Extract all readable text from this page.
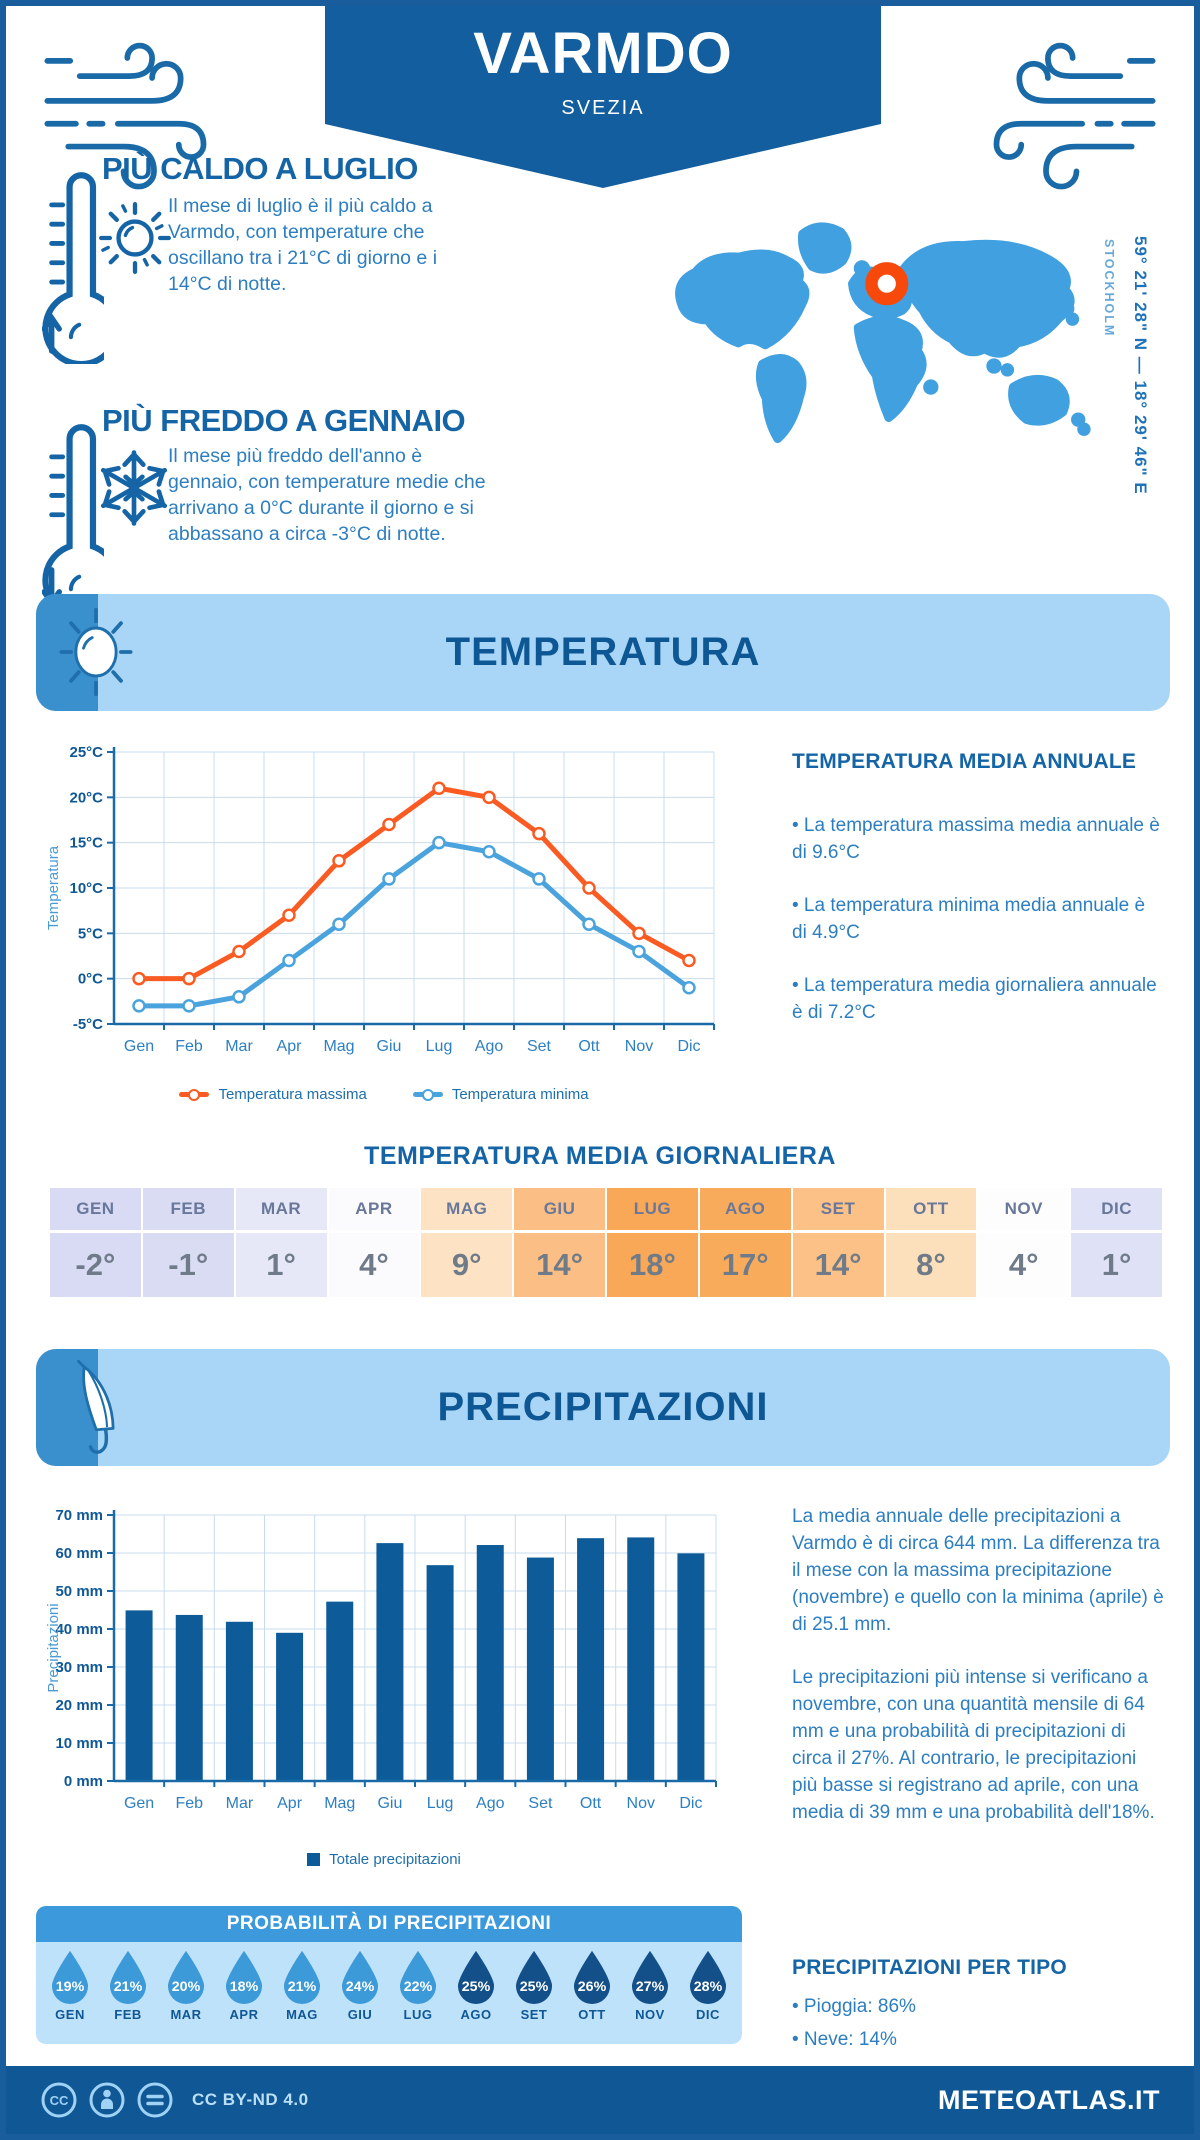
VARMDO
SVEZIA
PIÙ CALDO A LUGLIO
Il mese di luglio è il più caldo a Varmdo, con temperature che oscillano tra i 21°C di giorno e i 14°C di notte.
PIÙ FREDDO A GENNAIO
Il mese più freddo dell'anno è gennaio, con temperature medie che arrivano a 0°C durante il giorno e si abbassano a circa -3°C di notte.
STOCKHOLM 59° 21' 28" N — 18° 29' 46" E
TEMPERATURA
-5°C
0°C
5°C
10°C
15°C
20°C
25°C
Gen Feb Mar Apr Mag Giu Lug Ago Set Ott Nov Dic
Temperatura
Temperatura massima	Temperatura minima
TEMPERATURA MEDIA ANNUALE

• La temperatura massima media annuale è di 9.6°C

• La temperatura minima media annuale è di 4.9°C

• La temperatura media giornaliera annuale è di 7.2°C

TEMPERATURA MEDIA GIORNALIERA
GEN
-2°
FEB
-1°
MAR
1°
APR
4°
MAG
9°
GIU
14°
LUG
18°
AGO
17°
SET
14°
OTT
8°
NOV
4°
DIC
1°
PRECIPITAZIONI
0 mm
10 mm
20 mm
30 mm
40 mm
50 mm
60 mm
70 mm
Gen Feb Mar Apr Mag Giu Lug Ago Set Ott Nov Dic
Precipitazioni
Totale precipitazioni

La media annuale delle precipitazioni a Varmdo è di circa 644 mm. La differenza tra il mese con la massima precipitazione (novembre) e quello con la minima (aprile) è di 25.1 mm.

Le precipitazioni più intense si verificano a novembre, con una quantità mensile di 64 mm e una probabilità di precipitazioni di circa il 27%. Al contrario, le precipitazioni più basse si registrano ad aprile, con una media di 39 mm e una probabilità dell'18%.

PROBABILITÀ DI PRECIPITAZIONI
19%
GEN
21%
FEB
20%
MAR
18%
APR
21%
MAG
24%
GIU
22%
LUG
25%
AGO
25%
SET
26%
OTT
27%
NOV
28%
DIC
PRECIPITAZIONI PER TIPO

• Pioggia: 86%

• Neve: 14%

CC	CC BY-ND 4.0	METEOATLAS.IT
